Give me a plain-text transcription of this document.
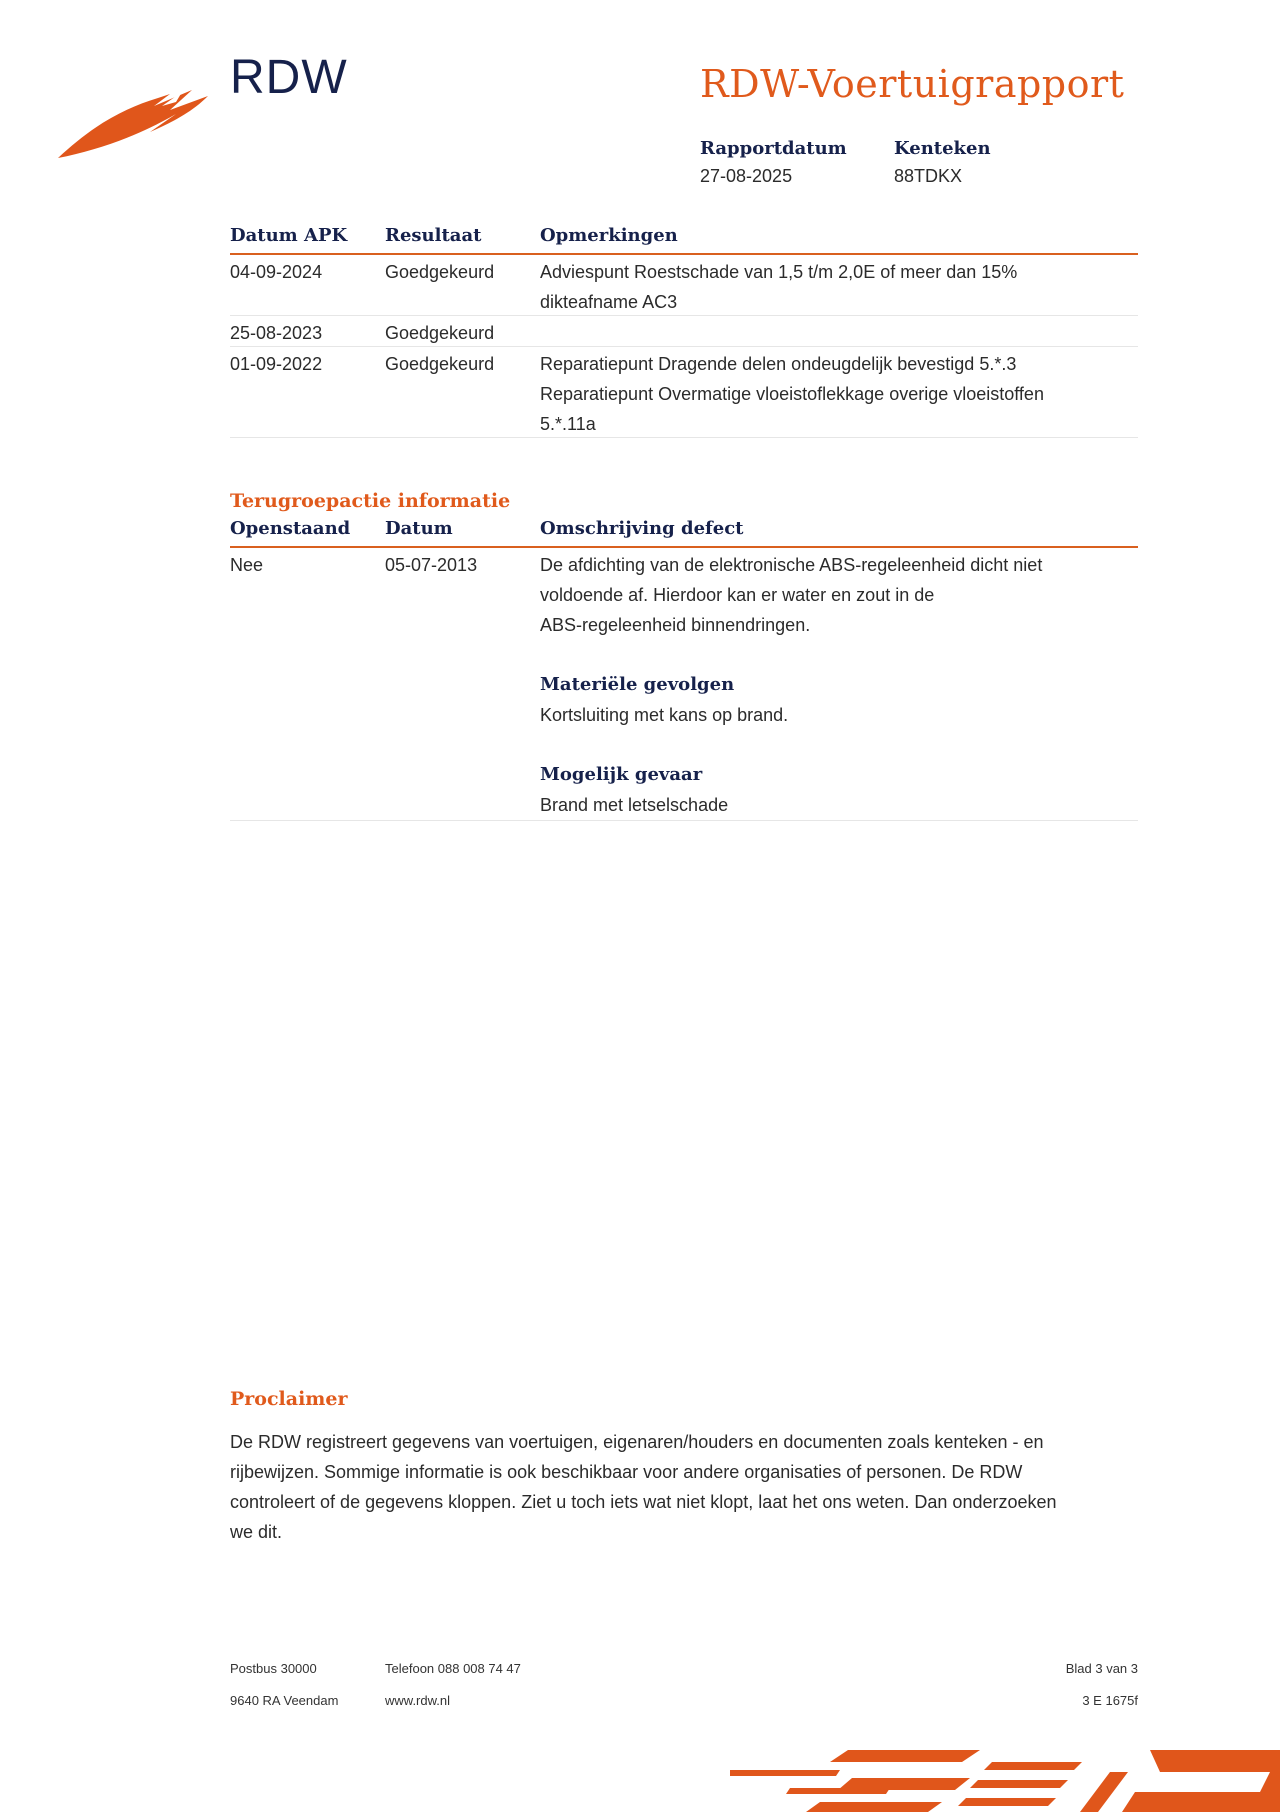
RDW	RDW-Voertuigrapport
Rapportdatum
27-08-2025
Kenteken
88TDKX
Datum APK Resultaat	Opmerkingen
04-09-2024	Goedgekeurd	Adviespunt Roestschade van 1,5 t/m 2,0E of meer dan 15%
dikteafname AC3
25-08-2023	Goedgekeurd
01-09-2022	Goedgekeurd	Reparatiepunt Dragende delen ondeugdelijk bevestigd 5.*.3
Reparatiepunt Overmatige vloeistoflekkage overige vloeistoffen
5.*.11a
Terugroepactie informatie
Openstaand Datum	Omschrijving defect
Nee	05-07-2013	De afdichting van de elektronische ABS-regeleenheid dicht niet
voldoende af. Hierdoor kan er water en zout in de
ABS-regeleenheid binnendringen.
Materiële gevolgen
Kortsluiting met kans op brand.
Mogelijk gevaar
Brand met letselschade
Proclaimer
De RDW registreert gegevens van voertuigen, eigenaren/houders en documenten zoals kenteken - en
rijbewijzen. Sommige informatie is ook beschikbaar voor andere organisaties of personen. De RDW
controleert of de gegevens kloppen. Ziet u toch iets wat niet klopt, laat het ons weten. Dan onderzoeken
we dit.
Postbus 30000
9640 RA Veendam
Telefoon 088 008 74 47
www.rdw.nl
Blad 3 van 3
3 E 1675f
